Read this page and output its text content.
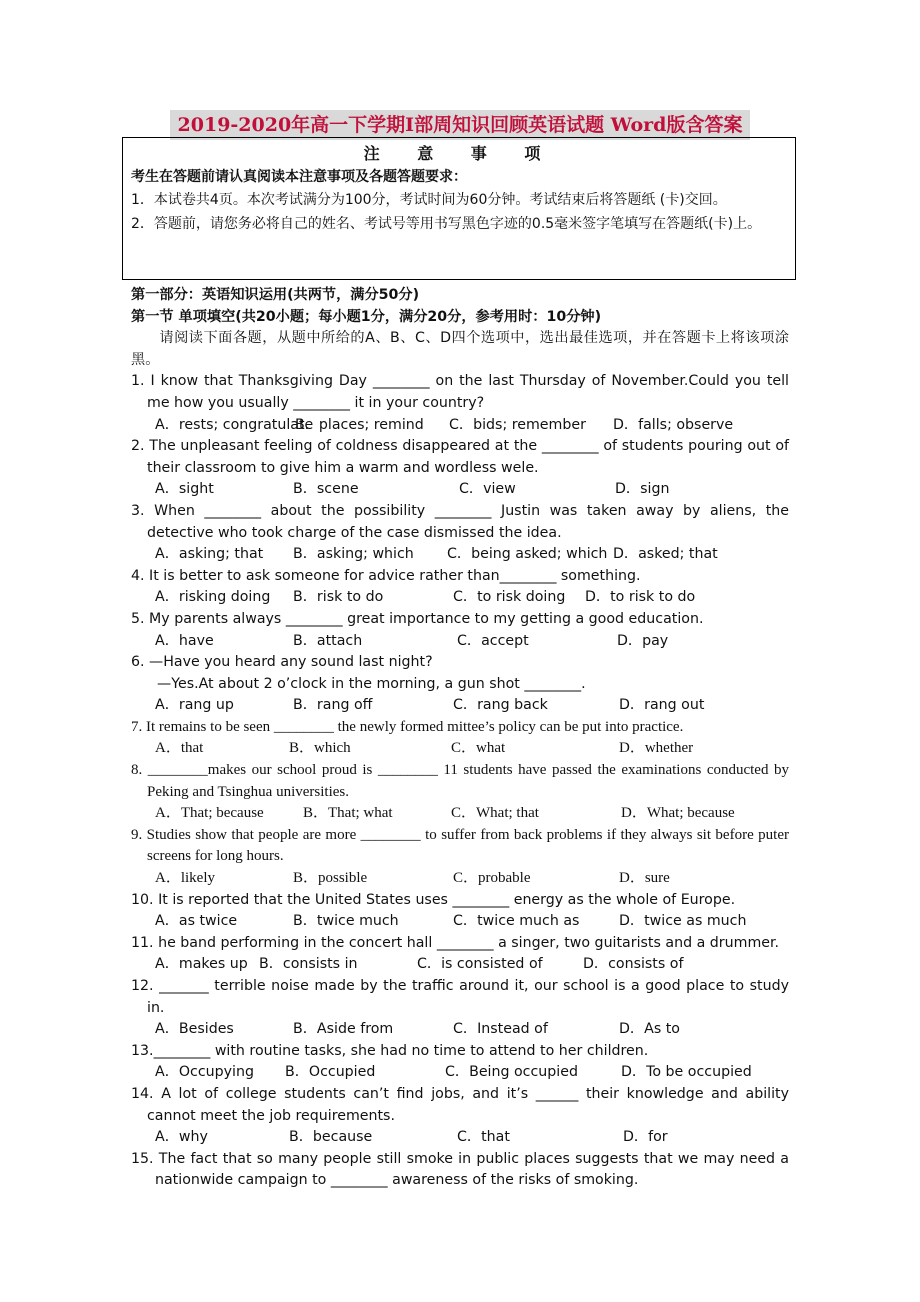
2019-2020年高一下学期I部周知识回顾英语试题 Word版含答案
注 意 事 项
考生在答题前请认真阅读本注意事项及各题答题要求：
1．本试卷共4页。本次考试满分为100分，考试时间为60分钟。考试结束后将答题纸 (卡)交回。
2．答题前，请您务必将自己的姓名、考试号等用书写黑色字迹的0.5毫米签字笔填写在答题纸(卡)上。
第一部分：英语知识运用(共两节，满分50分)
第一节 单项填空(共20小题；每小题1分，满分20分，参考用时：10分钟)
请阅读下面各题，从题中所给的A、B、C、D四个选项中，选出最佳选项，并在答题卡上将该项涂黑。
1. I know that Thanksgiving Day ________ on the last Thursday of November.Could you tell me how you usually ________ it in your country?
A．rests; congratulate
B．places; remind	C．bids; remember	D．falls; observe
2. The unpleasant feeling of coldness disappeared at the ________ of students pouring out of their classroom to give him a warm and wordless wele.
A．sight	B．scene	C．view	D．sign
3. When ________ about the possibility ________ Justin was taken away by aliens, the detective who took charge of the case dismissed the idea.
A．asking; that	B．asking; which	C．being asked; which D．asked; that
4. It is better to ask someone for advice rather than________ something.
A．risking doing	B．risk to do	C．to risk doing	D．to risk to do
5. My parents always ________ great importance to my getting a good education.
A．have	B．attach	C．accept	D．pay
6. —Have you heard any sound last night?
—Yes.At about 2 o’clock in the morning, a gun shot ________.
A．rang up	B．rang off	C．rang back	D．rang out
7. It remains to be seen ________ the newly formed mittee’s policy can be put into practice.
A．that	B．which	C．what	D．whether
8. ________makes our school proud is ________ 11 students have passed the examinations conducted by Peking and Tsinghua universities.
A．That; because	B．That; what	C．What; that	D．What; because
9. Studies show that people are more ________ to suffer from back problems if they always sit before puter screens for long hours.
A．likely	B．possible	C．probable	D．sure
10. It is reported that the United States uses ________ energy as the whole of Europe.
A．as twice	B．twice much	C．twice much as	D．twice as much
11. he band performing in the concert hall ________ a singer, two guitarists and a drummer.
A．makes up B．consists in	C．is consisted of	D．consists of
12. _______ terrible noise made by the traffic around it, our school is a good place to study in.
A．Besides	B．Aside from	C．Instead of	D．As to
13.________ with routine tasks, she had no time to attend to her children.
A．Occupying	B．Occupied	C．Being occupied	D．To be occupied
14. A lot of college students can’t find jobs, and it’s ______ their knowledge and ability cannot meet the job requirements.
A．why	B．because	C．that	D．for
15. The fact that so many people still smoke in public places suggests that we may need a nationwide campaign to ________ awareness of the risks of smoking.
